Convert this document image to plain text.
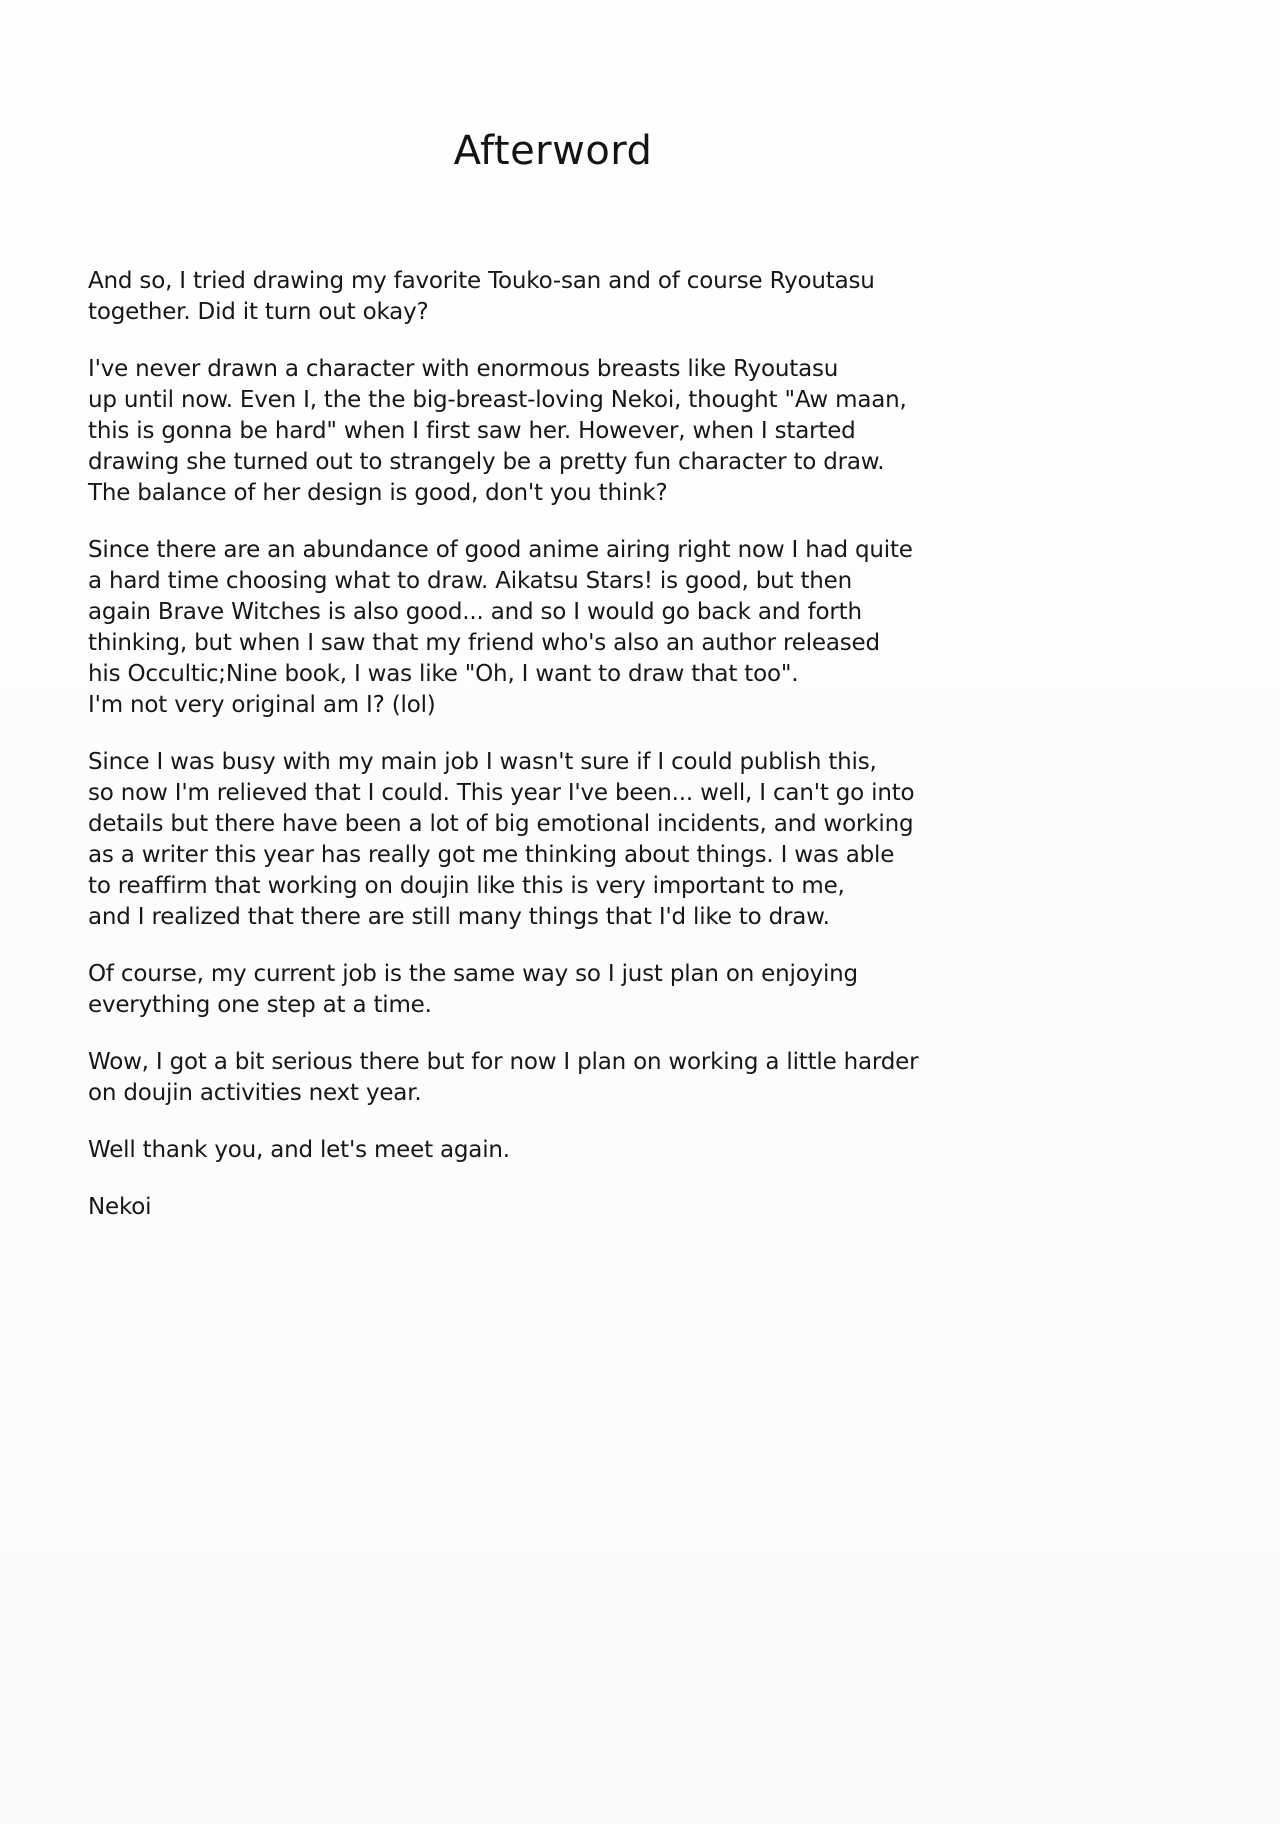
Afterword

And so, I tried drawing my favorite Touko-san and of course Ryoutasu
together. Did it turn out okay?

I've never drawn a character with enormous breasts like Ryoutasu
up until now. Even I, the the big-breast-loving Nekoi, thought "Aw maan,
this is gonna be hard" when I first saw her. However, when I started
drawing she turned out to strangely be a pretty fun character to draw.
The balance of her design is good, don't you think?

Since there are an abundance of good anime airing right now I had quite
a hard time choosing what to draw. Aikatsu Stars! is good, but then
again Brave Witches is also good... and so I would go back and forth
thinking, but when I saw that my friend who's also an author released
his Occultic;Nine book, I was like "Oh, I want to draw that too".
I'm not very original am I? (lol)

Since I was busy with my main job I wasn't sure if I could publish this,
so now I'm relieved that I could. This year I've been... well, I can't go into
details but there have been a lot of big emotional incidents, and working
as a writer this year has really got me thinking about things. I was able
to reaffirm that working on doujin like this is very important to me,
and I realized that there are still many things that I'd like to draw.

Of course, my current job is the same way so I just plan on enjoying
everything one step at a time.

Wow, I got a bit serious there but for now I plan on working a little harder
on doujin activities next year.

Well thank you, and let's meet again.

Nekoi
